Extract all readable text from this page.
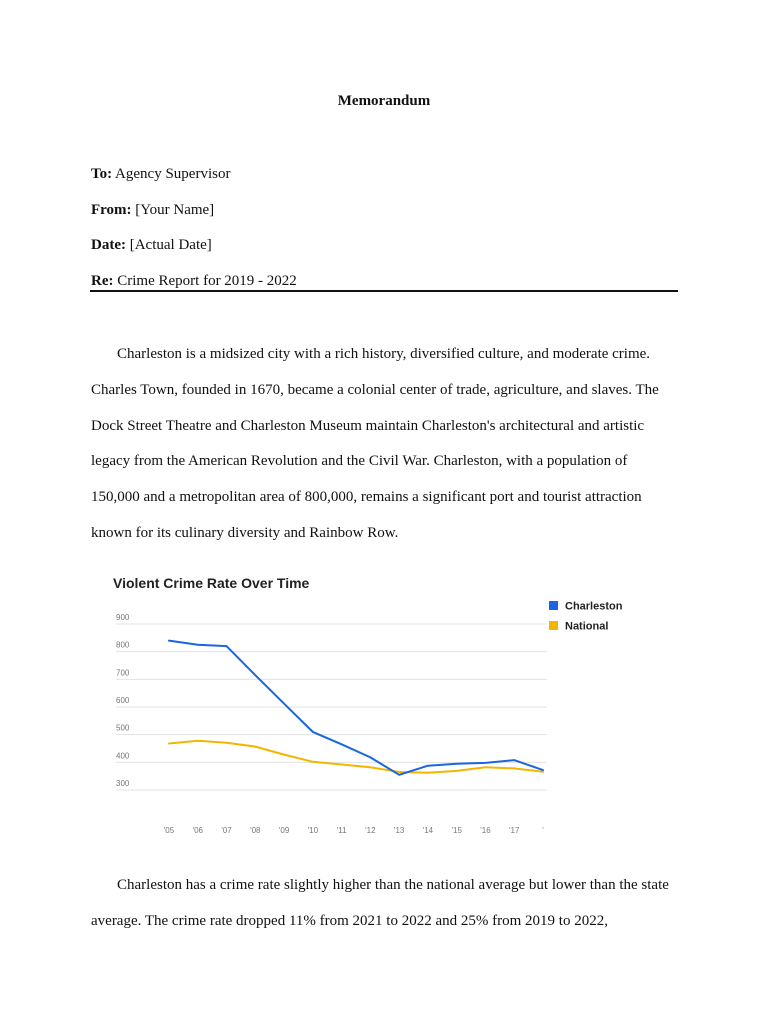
Memorandum
To: Agency Supervisor
From: [Your Name]
Date: [Actual Date]
Re: Crime Report for 2019 - 2022
Charleston is a midsized city with a rich history, diversified culture, and moderate crime.
Charles Town, founded in 1670, became a colonial center of trade, agriculture, and slaves. The
Dock Street Theatre and Charleston Museum maintain Charleston's architectural and artistic
legacy from the American Revolution and the Civil War. Charleston, with a population of
150,000 and a metropolitan area of 800,000, remains a significant port and tourist attraction
known for its culinary diversity and Rainbow Row.
Violent Crime Rate Over Time
900
800
700
600
500
400
300
'05 '06 '07 '08 '09 '10 '11 '12 '13 '14 '15 '16 '17	'
Charleston
National
Charleston has a crime rate slightly higher than the national average but lower than the state
average. The crime rate dropped 11% from 2021 to 2022 and 25% from 2019 to 2022,
